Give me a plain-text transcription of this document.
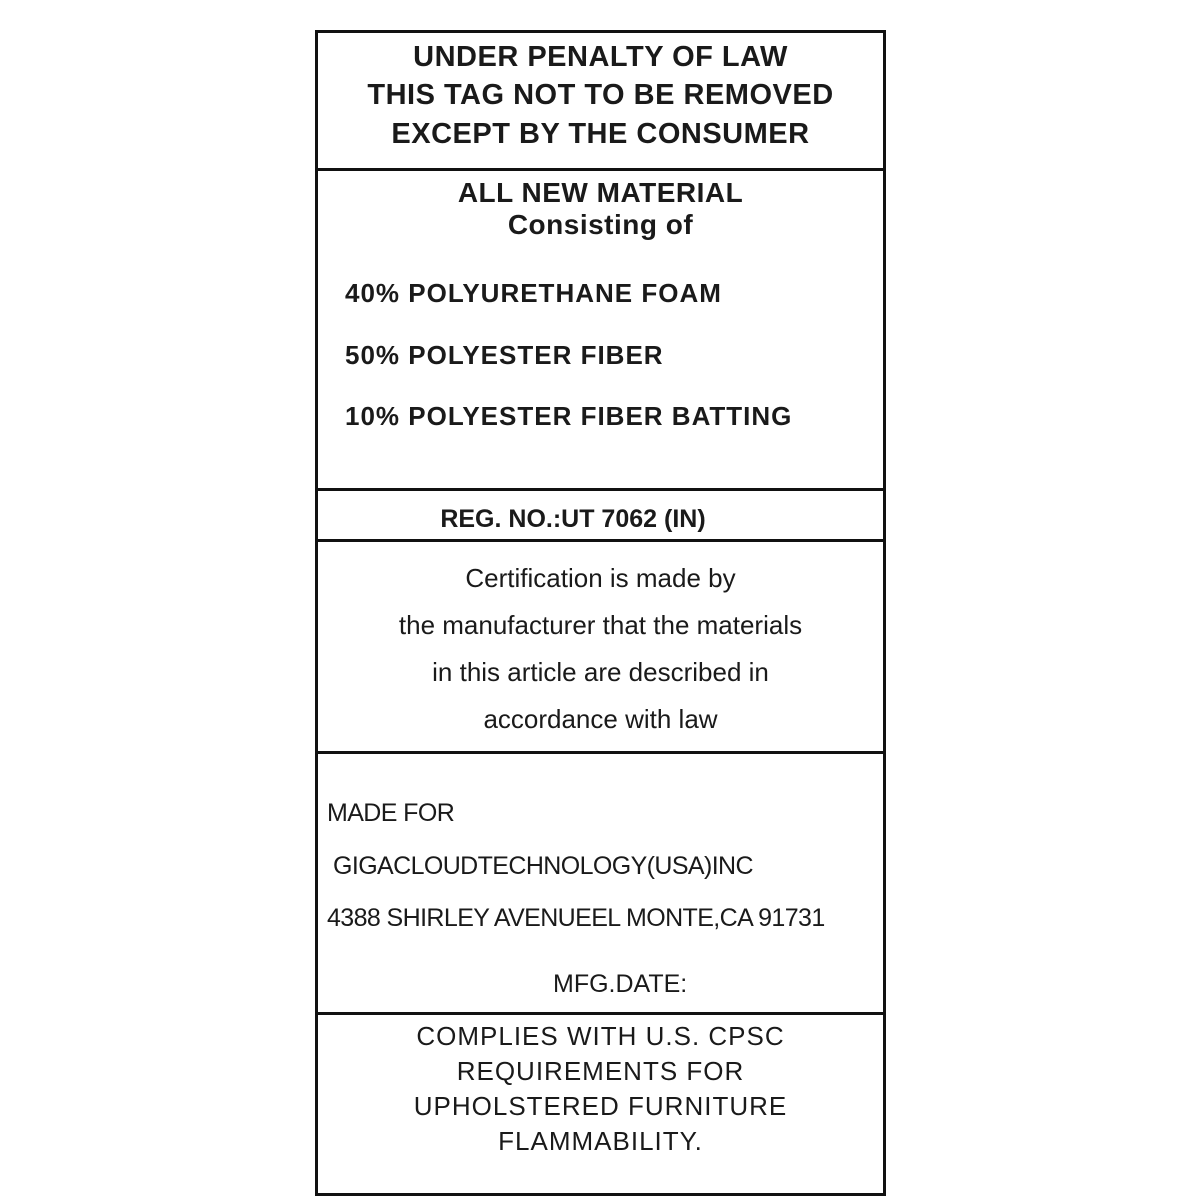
UNDER PENALTY OF LAW
THIS TAG NOT TO BE REMOVED
EXCEPT BY THE CONSUMER
ALL NEW MATERIAL
Consisting of
40% POLYURETHANE FOAM
50% POLYESTER FIBER
10% POLYESTER FIBER BATTING
REG. NO.:UT 7062 (IN)
Certification is made by
the manufacturer that the materials
in this article are described in
accordance with law
MADE FOR
GIGACLOUDTECHNOLOGY(USA)INC
4388 SHIRLEY AVENUEEL MONTE,CA 91731
MFG.DATE:
COMPLIES WITH U.S. CPSC
REQUIREMENTS FOR
UPHOLSTERED FURNITURE
FLAMMABILITY.
